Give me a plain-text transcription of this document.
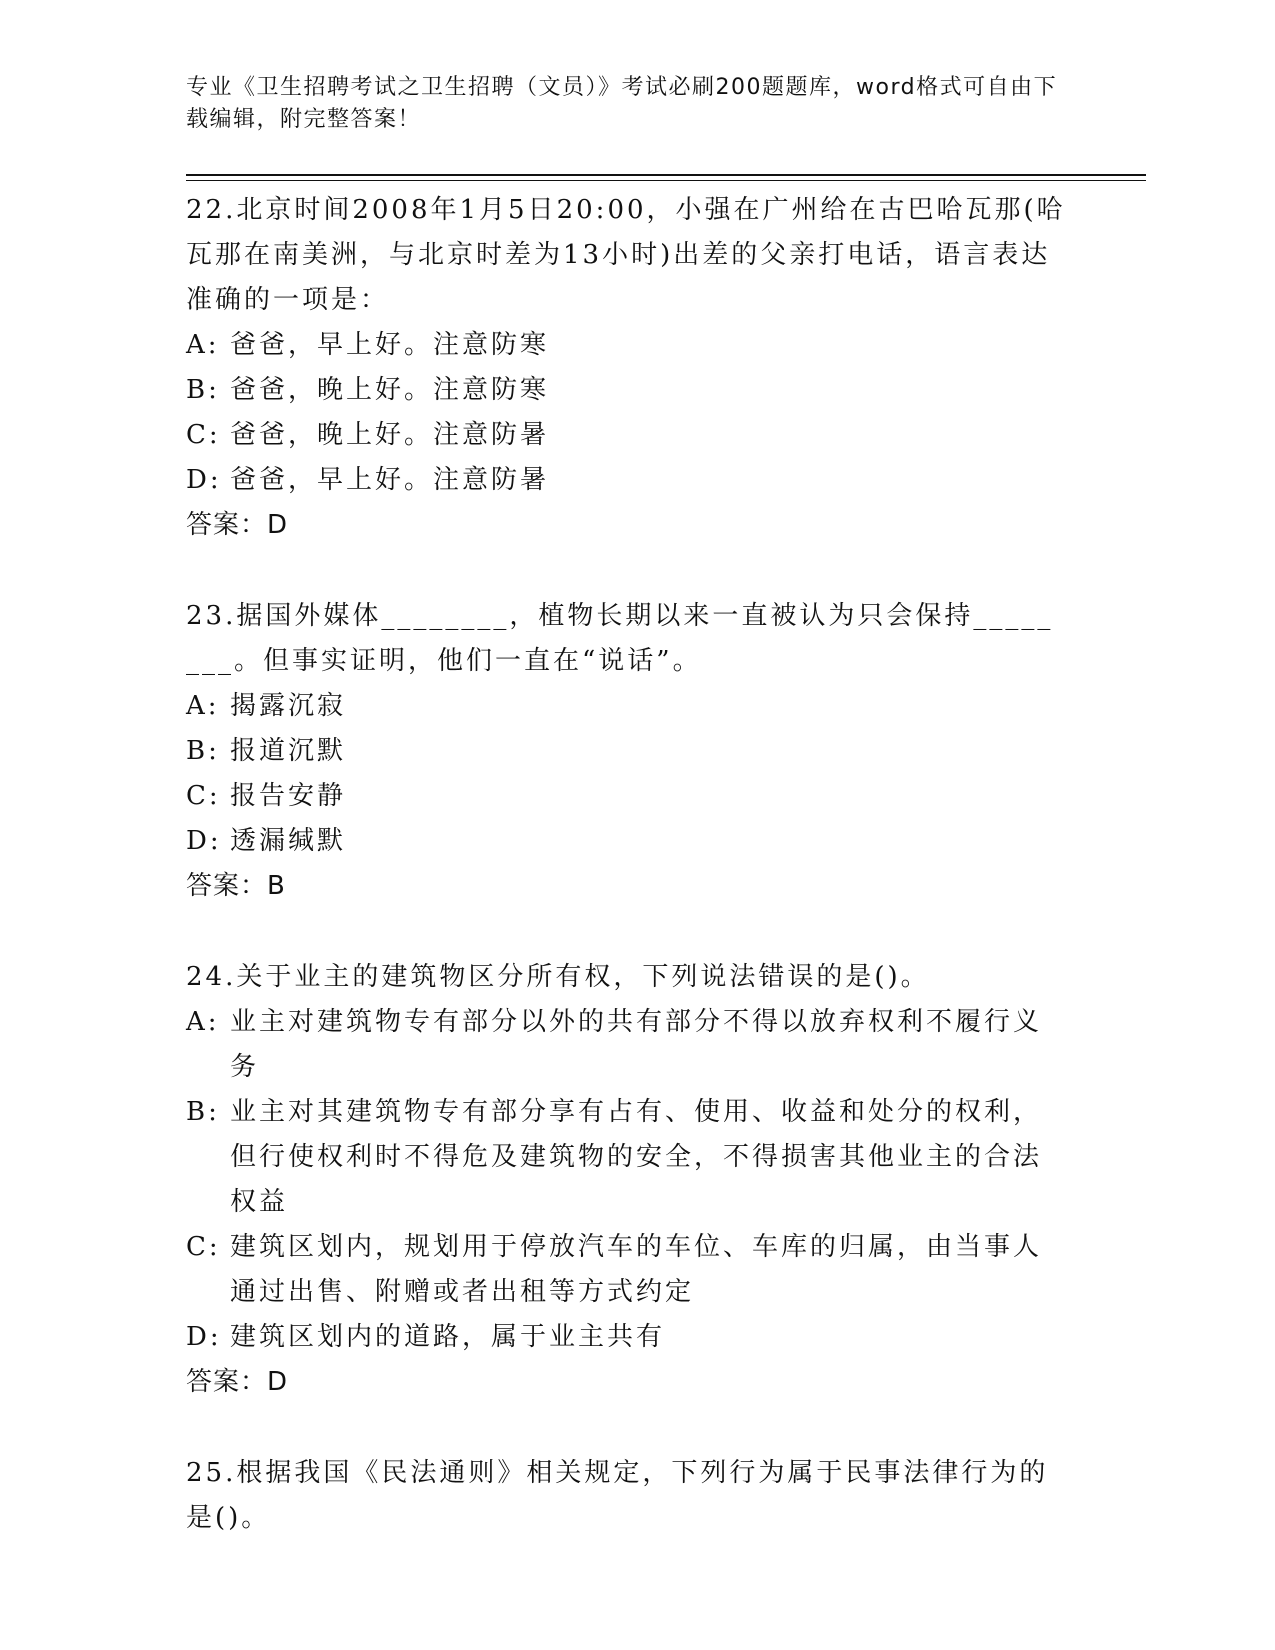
专业《卫生招聘考试之卫生招聘（文员）》考试必刷200题题库，word格式可自由下载编辑，附完整答案！
22.北京时间2008年1月5日20:00，小强在广州给在古巴哈瓦那(哈瓦那在南美洲，与北京时差为13小时)出差的父亲打电话，语言表达准确的一项是：
A: 爸爸，早上好。注意防寒
B: 爸爸，晚上好。注意防寒
C: 爸爸，晚上好。注意防暑
D: 爸爸，早上好。注意防暑
答案：D
23.据国外媒体________，植物长期以来一直被认为只会保持________。但事实证明，他们一直在“说话”。
A: 揭露沉寂
B: 报道沉默
C: 报告安静
D: 透漏缄默
答案：B
24.关于业主的建筑物区分所有权，下列说法错误的是()。
A: 业主对建筑物专有部分以外的共有部分不得以放弃权利不履行义务
B: 业主对其建筑物专有部分享有占有、使用、收益和处分的权利，但行使权利时不得危及建筑物的安全，不得损害其他业主的合法权益
C: 建筑区划内，规划用于停放汽车的车位、车库的归属，由当事人通过出售、附赠或者出租等方式约定
D: 建筑区划内的道路，属于业主共有
答案：D
25.根据我国《民法通则》相关规定，下列行为属于民事法律行为的是()。
